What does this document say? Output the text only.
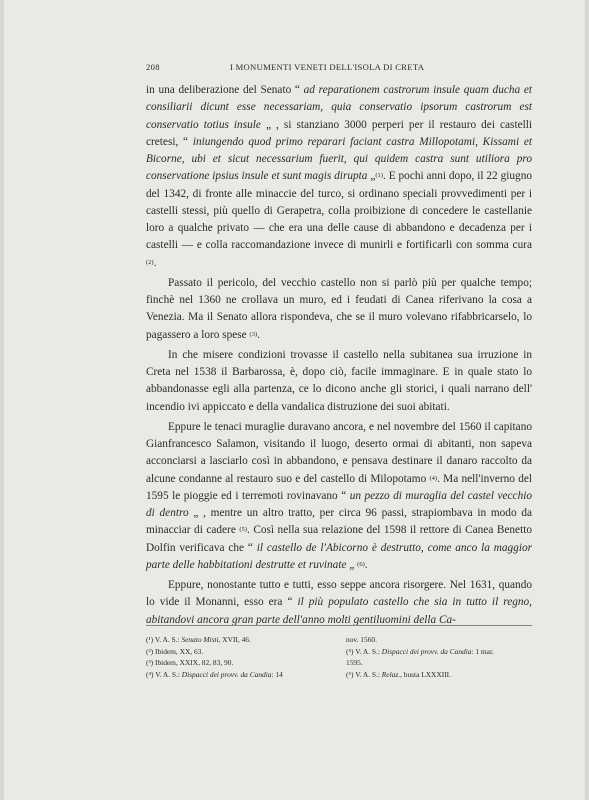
208	I MONUMENTI VENETI DELL'ISOLA DI CRETA

in una deliberazione del Senato “ ad reparationem castrorum insule quam ducha et consiliarii dicunt esse necessariam, quia conservatio ipsorum castrorum est conservatio totius insule „ , si stanziano 3000 perperi per il restauro dei castelli cretesi, “ iniungendo quod primo reparari faciant castra Millopotami, Kissami et Bicorne, ubi et sicut necessarium fuerit, qui quidem castra sunt utiliora pro conservatione ipsius insule et sunt magis dirupta „$^{(1)}$. E pochi anni dopo, il 22 giugno del 1342, di fronte alle minaccie del turco, si ordinano speciali provvedimenti per i castelli stessi, più quello di Gerapetra, colla proibizione di concedere le castellanie loro a qualche privato — che era una delle cause di abbandono e decadenza per i castelli — e colla raccomandazione invece di munirli e fortificarli con somma cura $^{(2)}$.

Passato il pericolo, del vecchio castello non si parlò più per qualche tempo; finchè nel 1360 ne crollava un muro, ed i feudati di Canea riferivano la cosa a Venezia. Ma il Senato allora rispondeva, che se il muro volevano rifabbricarselo, lo pagassero a loro spese $^{(3)}$.

In che misere condizioni trovasse il castello nella subitanea sua irruzione in Creta nel 1538 il Barbarossa, è, dopo ciò, facile immaginare. E in quale stato lo abbandonasse egli alla partenza, ce lo dicono anche gli storici, i quali narrano dell' incendio ivi appiccato e della vandalica distruzione dei suoi abitati.

Eppure le tenaci muraglie duravano ancora, e nel novembre del 1560 il capitano Gianfrancesco Salamon, visitando il luogo, deserto ormai di abitanti, non sapeva acconciarsi a lasciarlo così in abbandono, e pensava destinare il danaro raccolto da alcune condanne al restauro suo e del castello di Milopotamo $^{(4)}$. Ma nell'inverno del 1595 le pioggie ed i terremoti rovinavano “ un pezzo di muraglia del castel vecchio di dentro „ , mentre un altro tratto, per circa 96 passi, strapiombava in modo da minacciar di cadere $^{(5)}$. Così nella sua relazione del 1598 il rettore di Canea Benetto Dolfin verificava che “ il castello de l'Abicorno è destrutto, come anco la maggior parte delle habbitationi destrutte et ruvinate „ $^{(6)}$.

Eppure, nonostante tutto e tutti, esso seppe ancora risorgere. Nel 1631, quando lo vide il Monanni, esso era “ il più populato castello che sia in tutto il regno, abitandovi ancora gran parte dell'anno molti gentiluomini della Ca-

(¹) V. A. S.: Senato Misti, XVII, 46.
(²) Ibidem, XX, 63.
(³) Ibidem, XXIX, 82, 83, 90.
(⁴) V. A. S.: Dispacci dei provv. da Candia: 14
nov. 1560.
(⁵) V. A. S.: Dispacci dei provv. da Candia: 1 mar.
1595.
(⁶) V. A. S.: Relaz., busta LXXXIII.
